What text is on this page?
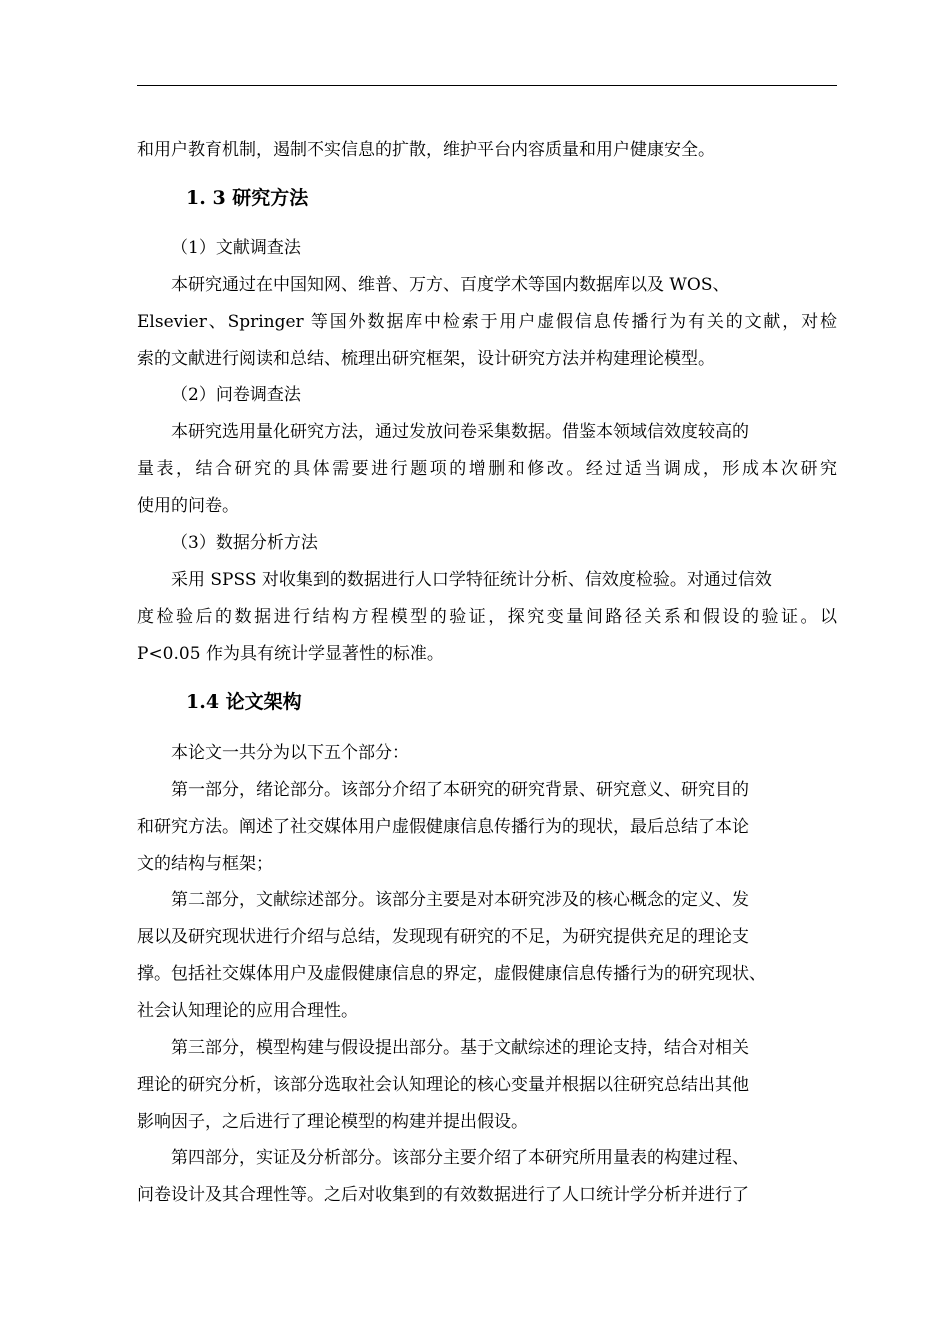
和用户教育机制，遏制不实信息的扩散，维护平台内容质量和用户健康安全。
1. 3 研究方法
（1）文献调查法
本研究通过在中国知网、维普、万方、百度学术等国内数据库以及 WOS、
Elsevier、Springer 等国外数据库中检索于用户虚假信息传播行为有关的文献，对检
索的文献进行阅读和总结、梳理出研究框架，设计研究方法并构建理论模型。
（2）问卷调查法
本研究选用量化研究方法，通过发放问卷采集数据。借鉴本领域信效度较高的
量表，结合研究的具体需要进行题项的增删和修改。经过适当调成，形成本次研究
使用的问卷。
（3）数据分析方法
采用 SPSS 对收集到的数据进行人口学特征统计分析、信效度检验。对通过信效
度检验后的数据进行结构方程模型的验证，探究变量间路径关系和假设的验证。以
P<0.05 作为具有统计学显著性的标准。
1.4 论文架构
本论文一共分为以下五个部分：
第一部分，绪论部分。该部分介绍了本研究的研究背景、研究意义、研究目的
和研究方法。阐述了社交媒体用户虚假健康信息传播行为的现状，最后总结了本论
文的结构与框架；
第二部分，文献综述部分。该部分主要是对本研究涉及的核心概念的定义、发
展以及研究现状进行介绍与总结，发现现有研究的不足，为研究提供充足的理论支
撑。包括社交媒体用户及虚假健康信息的界定，虚假健康信息传播行为的研究现状、
社会认知理论的应用合理性。
第三部分，模型构建与假设提出部分。基于文献综述的理论支持，结合对相关
理论的研究分析，该部分选取社会认知理论的核心变量并根据以往研究总结出其他
影响因子，之后进行了理论模型的构建并提出假设。
第四部分，实证及分析部分。该部分主要介绍了本研究所用量表的构建过程、
问卷设计及其合理性等。之后对收集到的有效数据进行了人口统计学分析并进行了
